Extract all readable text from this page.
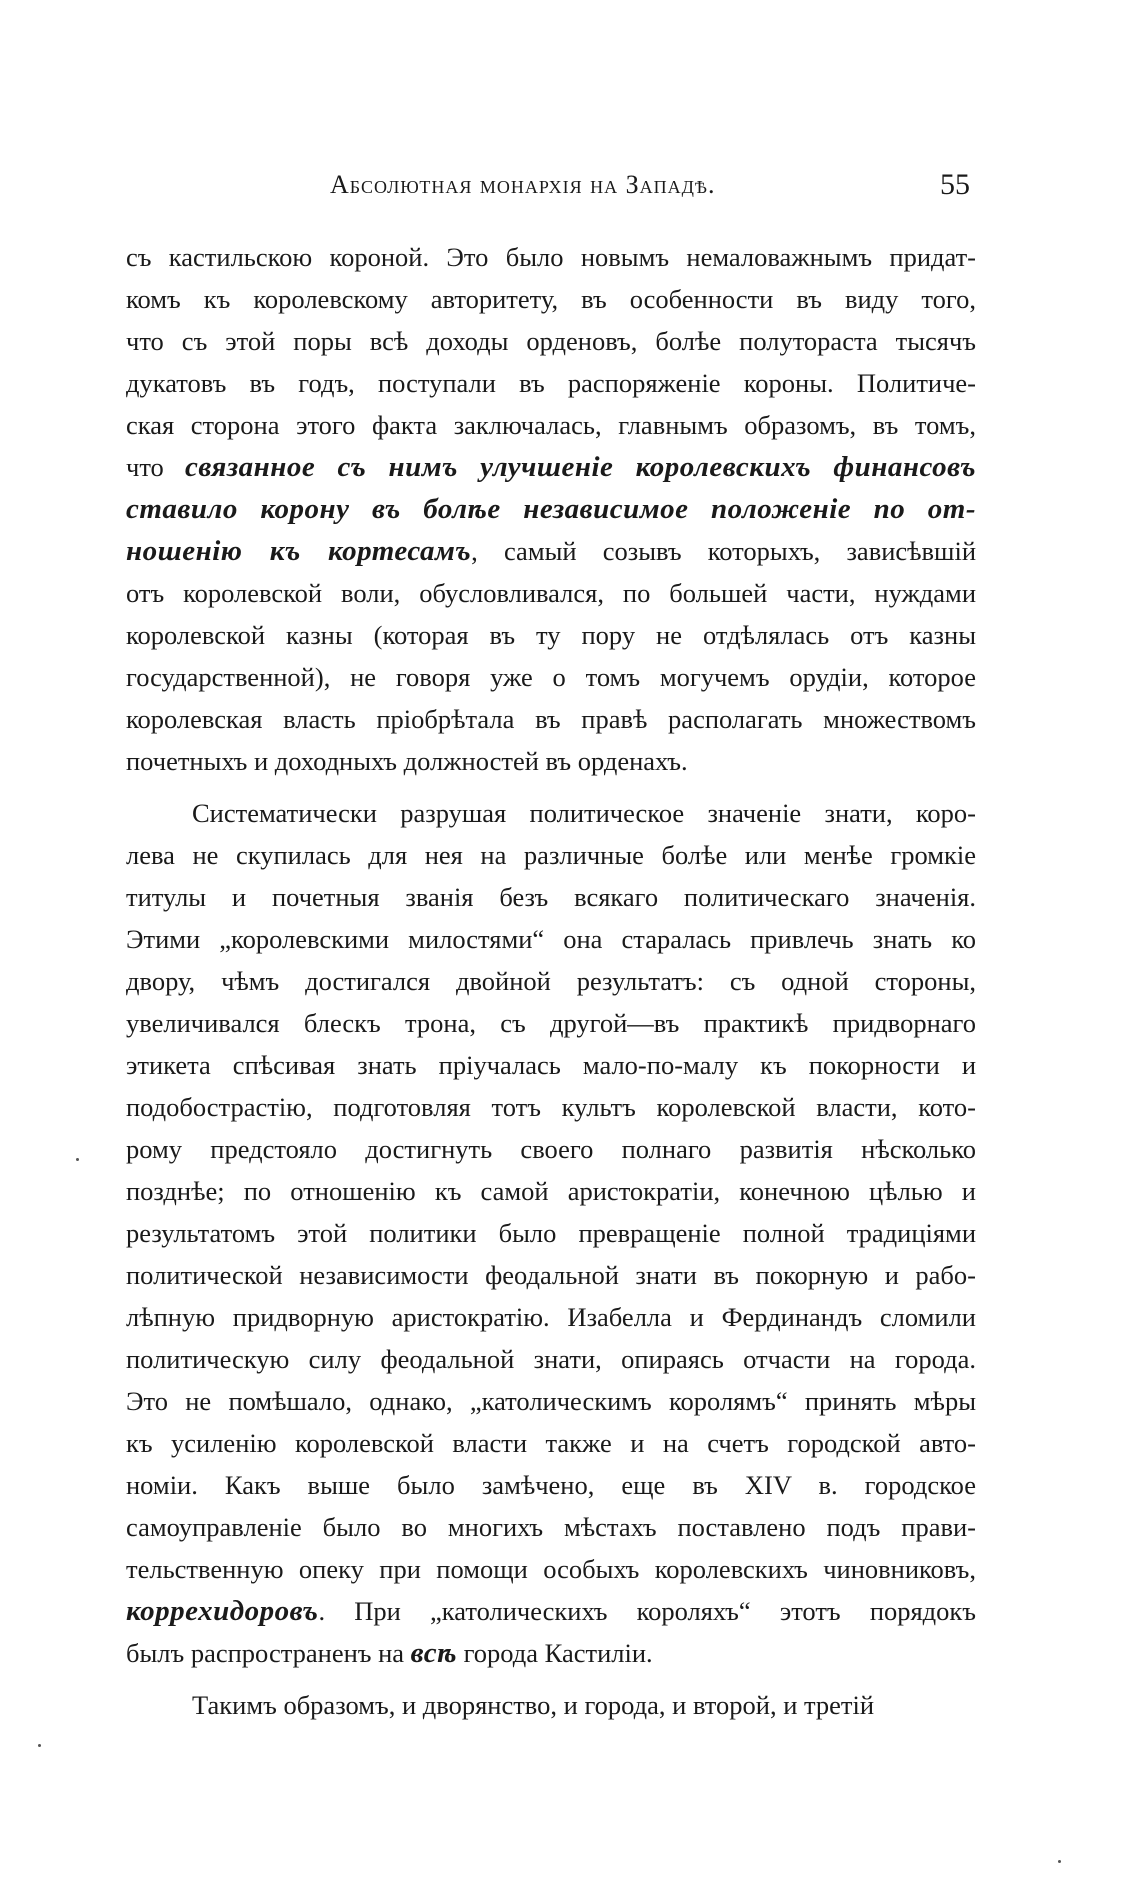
Абсолютная монархія на Западѣ.	55
съ кастильскою короной. Это было новымъ немаловажнымъ придат-
комъ къ королевскому авторитету, въ особенности въ виду того,
что съ этой поры всѣ доходы орденовъ, болѣе полутораста тысячъ
дукатовъ въ годъ, поступали въ распоряженіе короны. Политиче-
ская сторона этого факта заключалась, главнымъ образомъ, въ томъ,
что связанное съ нимъ улучшеніе королевскихъ финансовъ
ставило корону въ болѣе независимое положеніе по от-
ношенію къ кортесамъ, самый созывъ которыхъ, зависѣвшій
отъ королевской воли, обусловливался, по большей части, нуждами
королевской казны (которая въ ту пору не отдѣлялась отъ казны
государственной), не говоря уже о томъ могучемъ орудіи, которое
королевская власть пріобрѣтала въ правѣ располагать множествомъ
почетныхъ и доходныхъ должностей въ орденахъ.
Систематически разрушая политическое значеніе знати, коро-
лева не скупилась для нея на различные болѣе или менѣе громкіе
титулы и почетныя званія безъ всякаго политическаго значенія.
Этими „королевскими милостями“ она старалась привлечь знать ко
двору, чѣмъ достигался двойной результатъ: съ одной стороны,
увеличивался блескъ трона, съ другой—въ практикѣ придворнаго
этикета спѣсивая знать пріучалась мало-по-малу къ покорности и
подобострастію, подготовляя тотъ культъ королевской власти, кото-
рому предстояло достигнуть своего полнаго развитія нѣсколько
позднѣе; по отношенію къ самой аристократіи, конечною цѣлью и
результатомъ этой политики было превращеніе полной традиціями
политической независимости феодальной знати въ покорную и рабо-
лѣпную придворную аристократію. Изабелла и Фердинандъ сломили
политическую силу феодальной знати, опираясь отчасти на города.
Это не помѣшало, однако, „католическимъ королямъ“ принять мѣры
къ усиленію королевской власти также и на счетъ городской авто-
номіи. Какъ выше было замѣчено, еще въ XIV в. городское
самоуправленіе было во многихъ мѣстахъ поставлено подъ прави-
тельственную опеку при помощи особыхъ королевскихъ чиновниковъ,
коррехидоровъ. При „католическихъ короляхъ“ этотъ порядокъ
былъ распространенъ на всѣ города Кастиліи.
Такимъ образомъ, и дворянство, и города, и второй, и третій
